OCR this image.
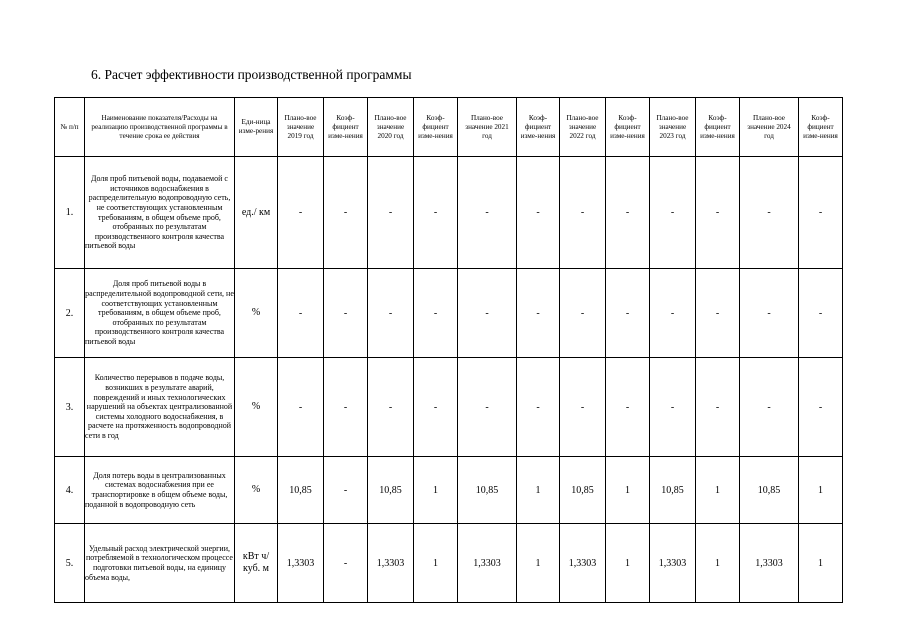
6. Расчет эффективности производственной программы
№ п/п	Наименование показателя/Расходы на реализацию производственной программы в течение срока ее действия	Еди-ница изме-рения	Плано-вое значение 2019 год	Коэф-фициент изме-нения	Плано-вое значение 2020 год	Коэф-фициент изме-нения	Плано-вое значение 2021 год	Коэф-фициент изме-нения	Плано-вое значение 2022 год	Коэф-фициент изме-нения	Плано-вое значение 2023 год	Коэф-фициент изме-нения	Плано-вое значение 2024 год	Коэф-фициент изме-нения

1.	Доля проб питьевой воды, подаваемой с источников водоснабжения в распределительную водопроводную сеть, не соответствующих установленным требованиям, в общем объеме проб, отобранных по результатам производственного контроля качества питьевой воды	ед./ км	-	-	-	-	-	-	-	-	-	-	-	-
2.	Доля проб питьевой воды в распределительной водопроводной сети, не соответствующих установленным требованиям, в общем объеме проб, отобранных по результатам производственного контроля качества питьевой воды	%	-	-	-	-	-	-	-	-	-	-	-	-
3.	Количество перерывов в подаче воды, возникших в результате аварий, повреждений и иных технологических нарушений на объектах централизованной системы холодного водоснабжения, в расчете на протяженность водопроводной сети в год	%	-	-	-	-	-	-	-	-	-	-	-	-
4.	Доля потерь воды в централизованных системах водоснабжения при ее транспортировке в общем объеме воды, поданной в водопроводную сеть	%	10,85	-	10,85	1	10,85	1	10,85	1	10,85	1	10,85	1
5.	Удельный расход электрической энергии, потребляемой в технологическом процессе подготовки питьевой воды, на единицу объема воды,	кВт ч/куб. м	1,3303	-	1,3303	1	1,3303	1	1,3303	1	1,3303	1	1,3303	1
